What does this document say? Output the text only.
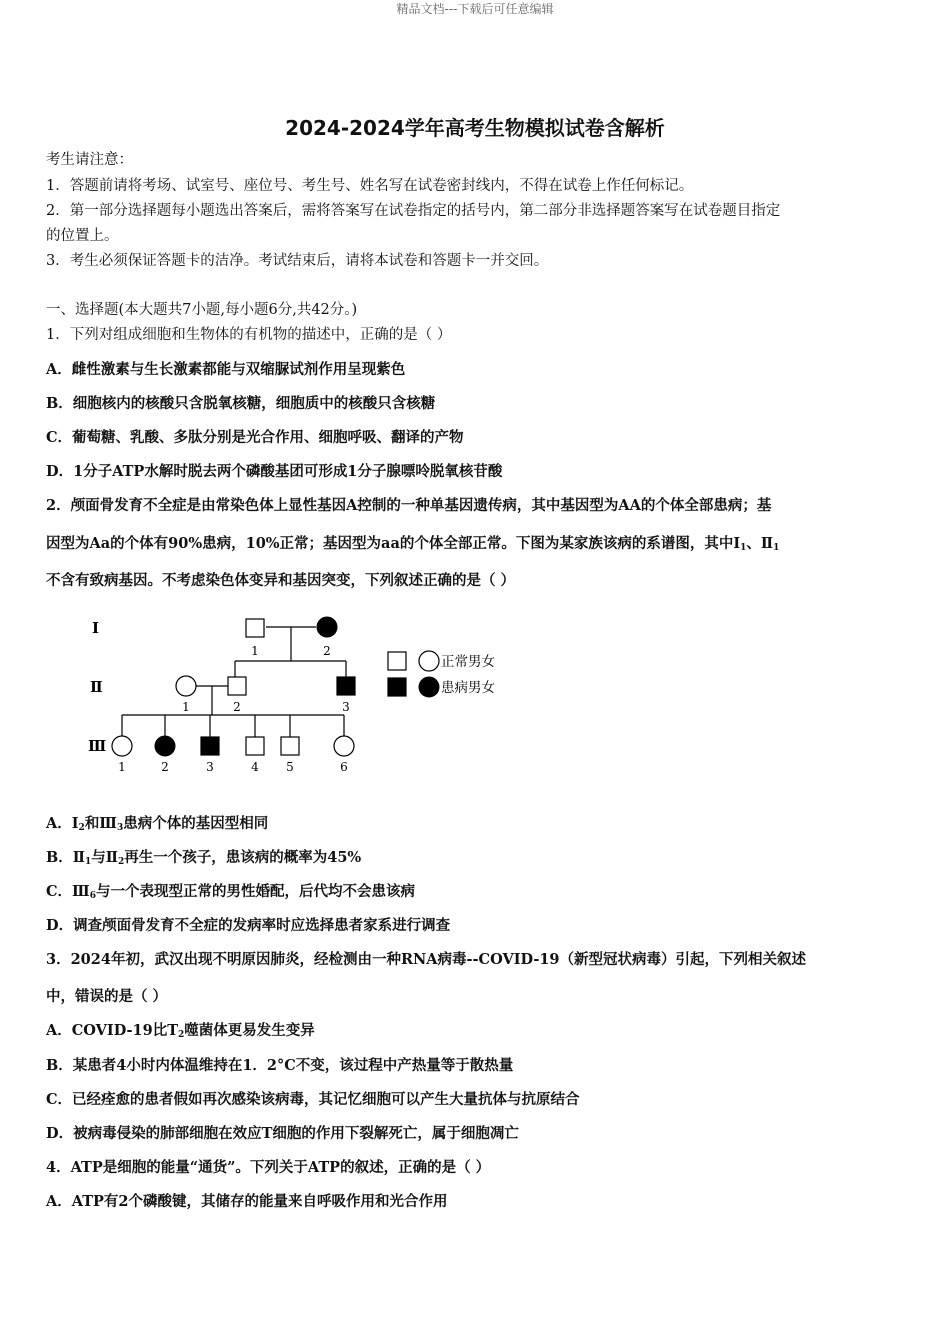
精品文档---下载后可任意编辑
2024-2024学年高考生物模拟试卷含解析
考生请注意：
1．答题前请将考场、试室号、座位号、考生号、姓名写在试卷密封线内，不得在试卷上作任何标记。
2．第一部分选择题每小题选出答案后，需将答案写在试卷指定的括号内，第二部分非选择题答案写在试卷题目指定
的位置上。
3．考生必须保证答题卡的洁净。考试结束后，请将本试卷和答题卡一并交回。
一、选择题(本大题共7小题,每小题6分,共42分。)
1．下列对组成细胞和生物体的有机物的描述中，正确的是（ ）
A．雌性激素与生长激素都能与双缩脲试剂作用呈现紫色
B．细胞核内的核酸只含脱氧核糖，细胞质中的核酸只含核糖
C．葡萄糖、乳酸、多肽分别是光合作用、细胞呼吸、翻译的产物
D．1分子ATP水解时脱去两个磷酸基团可形成1分子腺嘌呤脱氧核苷酸
2．颅面骨发育不全症是由常染色体上显性基因A控制的一种单基因遗传病，其中基因型为AA的个体全部患病；基
因型为Aa的个体有90%患病，10%正常；基因型为aa的个体全部正常。下图为某家族该病的系谱图，其中$Ⅰ_1$、$Ⅱ_1$
不含有致病基因。不考虑染色体变异和基因突变，下列叙述正确的是（ ）
Ⅰ
Ⅱ
Ⅲ
1	2
1	2	3
1	2	3	4 5	6
正常男女
患病男女
A．$Ⅰ_2$和$Ⅲ_3$患病个体的基因型相同
B．$Ⅱ_1$与$Ⅱ_2$再生一个孩子，患该病的概率为45%
C．$Ⅲ_6$与一个表现型正常的男性婚配，后代均不会患该病
D．调查颅面骨发育不全症的发病率时应选择患者家系进行调查
3．2024年初，武汉出现不明原因肺炎，经检测由一种RNA病毒--COVID-19（新型冠状病毒）引起，下列相关叙述
中，错误的是（ ）
A．COVID-19比$T_2$噬菌体更易发生变异
B．某患者4小时内体温维持在1．2°C不变，该过程中产热量等于散热量
C．已经痊愈的患者假如再次感染该病毒，其记忆细胞可以产生大量抗体与抗原结合
D．被病毒侵染的肺部细胞在效应T细胞的作用下裂解死亡，属于细胞凋亡
4．ATP是细胞的能量“通货”。下列关于ATP的叙述，正确的是（ ）
A．ATP有2个磷酸键，其储存的能量来自呼吸作用和光合作用
